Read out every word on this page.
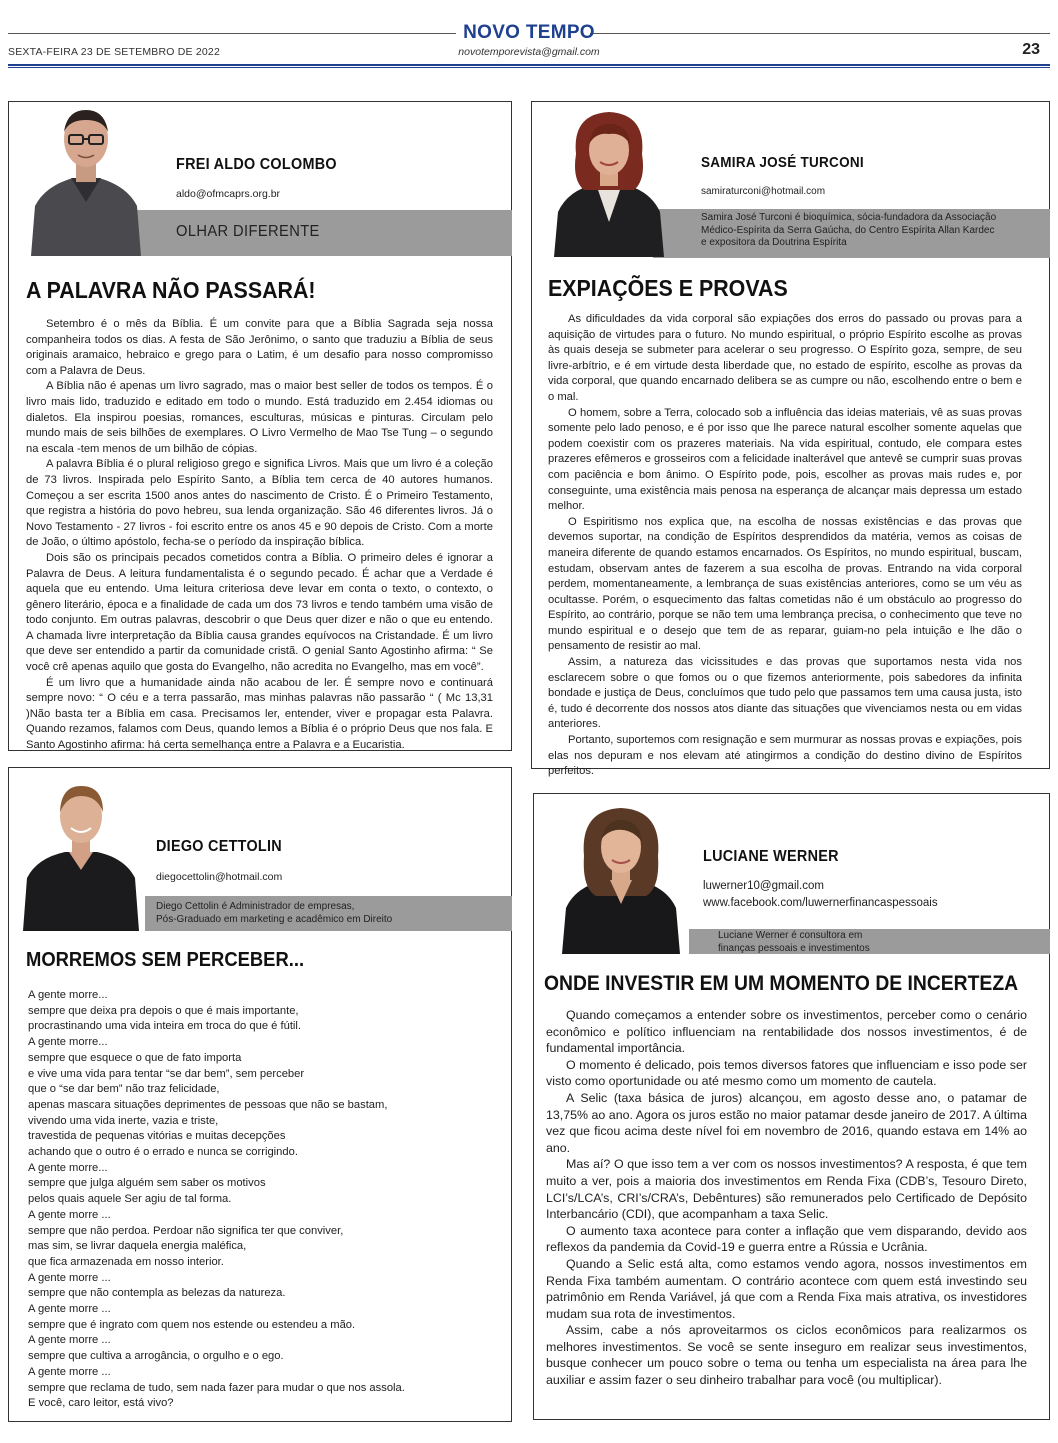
NOVO TEMPO
SEXTA-FEIRA 23 DE SETEMBRO DE 2022	novotemporevista@gmail.com	23
FREI ALDO COLOMBO
aldo@ofmcaprs.org.br
OLHAR DIFERENTE
A PALAVRA NÃO PASSARÁ!

Setembro é o mês da Bíblia. É um convite para que a Bíblia Sagrada seja nossa companheira todos os dias. A festa de São Jerônimo, o santo que traduziu a Bíblia de seus originais aramaico, hebraico e grego para o Latim, é um desafio para nosso compromisso com a Palavra de Deus.

A Bíblia não é apenas um livro sagrado, mas o maior best seller de todos os tempos. É o livro mais lido, traduzido e editado em todo o mundo. Está traduzido em 2.454 idiomas ou dialetos. Ela inspirou poesias, romances, esculturas, músicas e pinturas. Circulam pelo mundo mais de seis bilhões de exemplares. O Livro Vermelho de Mao Tse Tung – o segundo na escala -tem menos de um bilhão de cópias.

A palavra Bíblia é o plural religioso grego e significa Livros. Mais que um livro é a coleção de 73 livros. Inspirada pelo Espírito Santo, a Bíblia tem cerca de 40 autores humanos. Começou a ser escrita 1500 anos antes do nascimento de Cristo. É o Primeiro Testamento, que registra a história do povo hebreu, sua lenda organização. São 46 diferentes livros. Já o Novo Testamento - 27 livros - foi escrito entre os anos 45 e 90 depois de Cristo. Com a morte de João, o último apóstolo, fecha-se o período da inspiração bíblica.

Dois são os principais pecados cometidos contra a Bíblia. O primeiro deles é ignorar a Palavra de Deus. A leitura fundamentalista é o segundo pecado. É achar que a Verdade é aquela que eu entendo. Uma leitura criteriosa deve levar em conta o texto, o contexto, o gênero literário, época e a finalidade de cada um dos 73 livros e tendo também uma visão de todo conjunto. Em outras palavras, descobrir o que Deus quer dizer e não o que eu entendo. A chamada livre interpretação da Bíblia causa grandes equívocos na Cristandade. É um livro que deve ser entendido a partir da comunidade cristã. O genial Santo Agostinho afirma: “ Se você crê apenas aquilo que gosta do Evangelho, não acredita no Evangelho, mas em você”.

É um livro que a humanidade ainda não acabou de ler. É sempre novo e continuará sempre novo: “ O céu e a terra passarão, mas minhas palavras não passarão “ ( Mc 13,31 )Não basta ter a Bíblia em casa. Precisamos ler, entender, viver e propagar esta Palavra. Quando rezamos, falamos com Deus, quando lemos a Bíblia é o próprio Deus que nos fala. E Santo Agostinho afirma: há certa semelhança entre a Palavra e a Eucaristia.

SAMIRA JOSÉ TURCONI
samiraturconi@hotmail.com
Samira José Turconi é bioquímica, sócia-fundadora da Associação Médico-Espírita da Serra Gaúcha, do Centro Espírita Allan Kardec e expositora da Doutrina Espírita
EXPIAÇÕES E PROVAS

As dificuldades da vida corporal são expiações dos erros do passado ou provas para a aquisição de virtudes para o futuro. No mundo espiritual, o próprio Espírito escolhe as provas às quais deseja se submeter para acelerar o seu progresso. O Espírito goza, sempre, de seu livre-arbítrio, e é em virtude desta liberdade que, no estado de espírito, escolhe as provas da vida corporal, que quando encarnado delibera se as cumpre ou não, escolhendo entre o bem e o mal.

O homem, sobre a Terra, colocado sob a influência das ideias materiais, vê as suas provas somente pelo lado penoso, e é por isso que lhe parece natural escolher somente aquelas que podem coexistir com os prazeres materiais. Na vida espiritual, contudo, ele compara estes prazeres efêmeros e grosseiros com a felicidade inalterável que antevê se cumprir suas provas com paciência e bom ânimo. O Espírito pode, pois, escolher as provas mais rudes e, por conseguinte, uma existência mais penosa na esperança de alcançar mais depressa um estado melhor.

O Espiritismo nos explica que, na escolha de nossas existências e das provas que devemos suportar, na condição de Espíritos desprendidos da matéria, vemos as coisas de maneira diferente de quando estamos encarnados. Os Espíritos, no mundo espiritual, buscam, estudam, observam antes de fazerem a sua escolha de provas. Entrando na vida corporal perdem, momentaneamente, a lembrança de suas existências anteriores, como se um véu as ocultasse. Porém, o esquecimento das faltas cometidas não é um obstáculo ao progresso do Espírito, ao contrário, porque se não tem uma lembrança precisa, o conhecimento que teve no mundo espiritual e o desejo que tem de as reparar, guiam-no pela intuição e lhe dão o pensamento de resistir ao mal.

Assim, a natureza das vicissitudes e das provas que suportamos nesta vida nos esclarecem sobre o que fomos ou o que fizemos anteriormente, pois sabedores da infinita bondade e justiça de Deus, concluímos que tudo pelo que passamos tem uma causa justa, isto é, tudo é decorrente dos nossos atos diante das situações que vivenciamos nesta ou em vidas anteriores.

Portanto, suportemos com resignação e sem murmurar as nossas provas e expiações, pois elas nos depuram e nos elevam até atingirmos a condição do destino divino de Espíritos perfeitos.

DIEGO CETTOLIN
diegocettolin@hotmail.com
Diego Cettolin é Administrador de empresas,
Pós-Graduado em marketing e acadêmico em Direito
MORREMOS SEM PERCEBER...
A gente morre...
sempre que deixa pra depois o que é mais importante,
procrastinando uma vida inteira em troca do que é fútil.
A gente morre...
sempre que esquece o que de fato importa
e vive uma vida para tentar “se dar bem”, sem perceber
que o “se dar bem” não traz felicidade,
apenas mascara situações deprimentes de pessoas que não se bastam,
vivendo uma vida inerte, vazia e triste,
travestida de pequenas vitórias e muitas decepções
achando que o outro é o errado e nunca se corrigindo.
A gente morre...
sempre que julga alguém sem saber os motivos
pelos quais aquele Ser agiu de tal forma.
A gente morre ...
sempre que não perdoa. Perdoar não significa ter que conviver,
mas sim, se livrar daquela energia maléfica,
que fica armazenada em nosso interior.
A gente morre ...
sempre que não contempla as belezas da natureza.
A gente morre ...
sempre que é ingrato com quem nos estende ou estendeu a mão.
A gente morre ...
sempre que cultiva a arrogância, o orgulho e o ego.
A gente morre ...
sempre que reclama de tudo, sem nada fazer para mudar o que nos assola.
E você, caro leitor, está vivo?
LUCIANE WERNER
luwerner10@gmail.com
www.facebook.com/luwernerfinancaspessoais
Luciane Werner é consultora em
finanças pessoais e investimentos
ONDE INVESTIR EM UM MOMENTO DE INCERTEZA

Quando começamos a entender sobre os investimentos, perceber como o cenário econômico e político influenciam na rentabilidade dos nossos investimentos, é de fundamental importância.

O momento é delicado, pois temos diversos fatores que influenciam e isso pode ser visto como oportunidade ou até mesmo como um momento de cautela.

A Selic (taxa básica de juros) alcançou, em agosto desse ano, o patamar de 13,75% ao ano. Agora os juros estão no maior patamar desde janeiro de 2017. A última vez que ficou acima deste nível foi em novembro de 2016, quando estava em 14% ao ano.

Mas aí? O que isso tem a ver com os nossos investimentos? A resposta, é que tem muito a ver, pois a maioria dos investimentos em Renda Fixa (CDB’s, Tesouro Direto, LCI’s/LCA’s, CRI’s/CRA’s, Debêntures) são remunerados pelo Certificado de Depósito Interbancário (CDI), que acompanham a taxa Selic.

O aumento taxa acontece para conter a inflação que vem disparando, devido aos reflexos da pandemia da Covid-19 e guerra entre a Rússia e Ucrânia.

Quando a Selic está alta, como estamos vendo agora, nossos investimentos em Renda Fixa também aumentam. O contrário acontece com quem está investindo seu patrimônio em Renda Variável, já que com a Renda Fixa mais atrativa, os investidores mudam sua rota de investimentos.

Assim, cabe a nós aproveitarmos os ciclos econômicos para realizarmos os melhores investimentos. Se você se sente inseguro em realizar seus investimentos, busque conhecer um pouco sobre o tema ou tenha um especialista na área para lhe auxiliar e assim fazer o seu dinheiro trabalhar para você (ou multiplicar).
